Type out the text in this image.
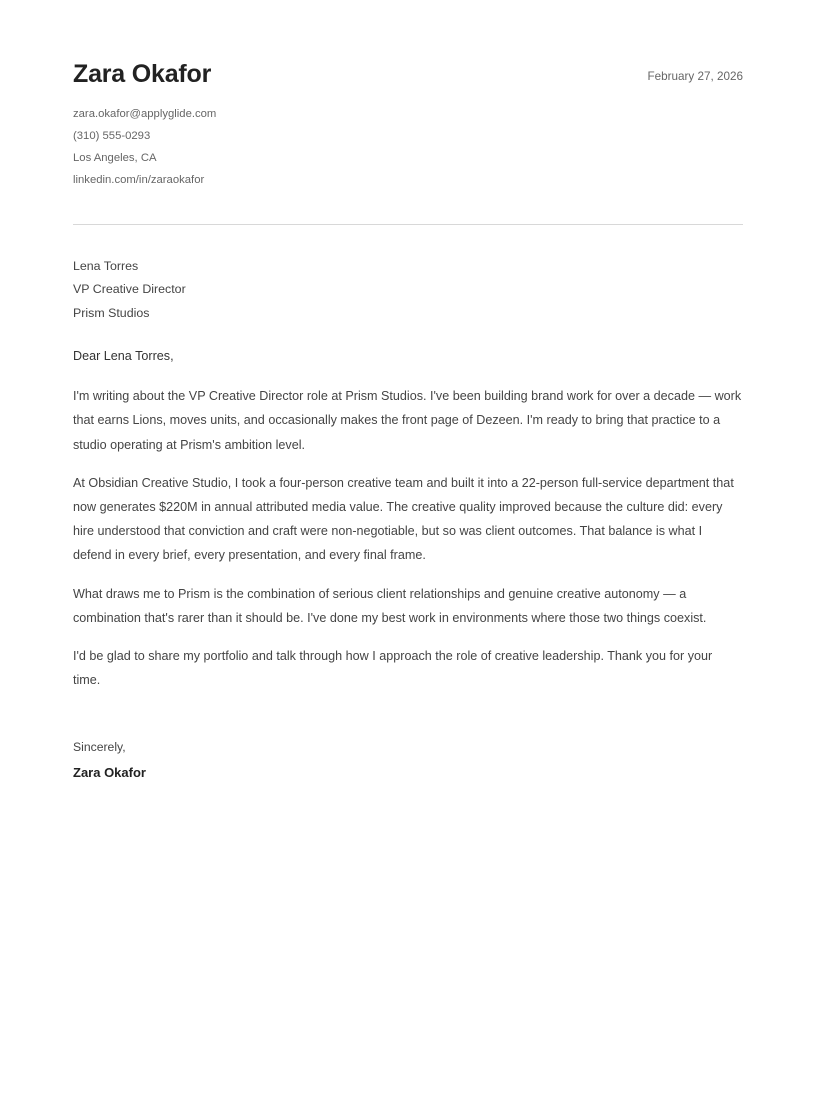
Zara Okafor
zara.okafor@applyglide.com
(310) 555-0293
Los Angeles, CA
linkedin.com/in/zaraokafor
February 27, 2026
Lena Torres
VP Creative Director
Prism Studios
Dear Lena Torres,

I'm writing about the VP Creative Director role at Prism Studios. I've been building brand work for over a decade — work that earns Lions, moves units, and occasionally makes the front page of Dezeen. I'm ready to bring that practice to a studio operating at Prism's ambition level.

At Obsidian Creative Studio, I took a four-person creative team and built it into a 22-person full-service department that now generates $220M in annual attributed media value. The creative quality improved because the culture did: every hire understood that conviction and craft were non-negotiable, but so was client outcomes. That balance is what I defend in every brief, every presentation, and every final frame.

What draws me to Prism is the combination of serious client relationships and genuine creative autonomy — a combination that's rarer than it should be. I've done my best work in environments where those two things coexist.

I'd be glad to share my portfolio and talk through how I approach the role of creative leadership. Thank you for your time.

Sincerely,
Zara Okafor
